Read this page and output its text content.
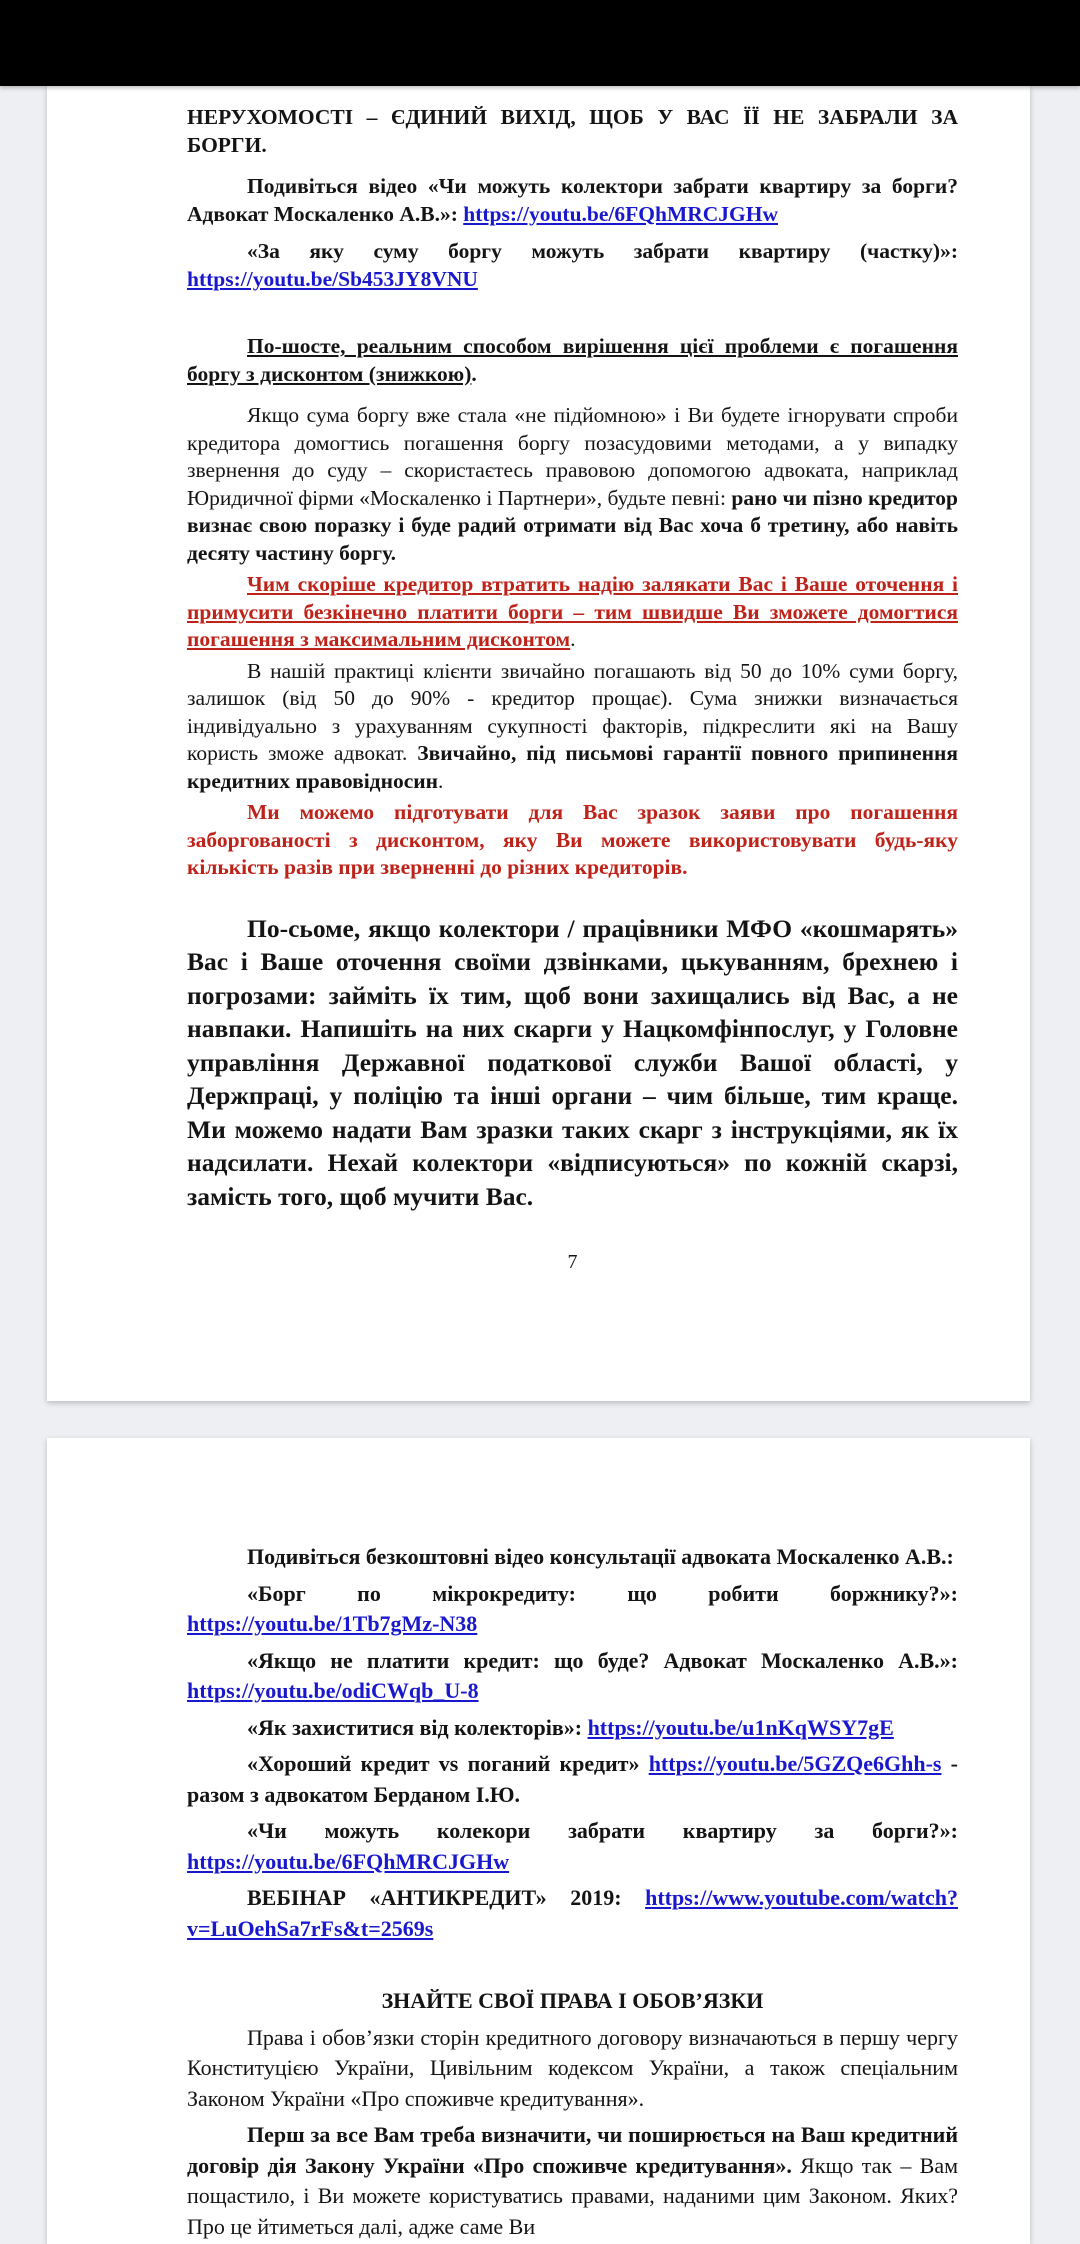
НЕРУХОМОСТІ – ЄДИНИЙ ВИХІД, ЩОБ У ВАС ЇЇ НЕ ЗАБРАЛИ ЗА БОРГИ.

Подивіться відео «Чи можуть колектори забрати квартиру за борги? Адвокат Москаленко А.В.»: https://youtu.be/6FQhMRCJGHw

«За яку суму боргу можуть забрати квартиру (частку)»: https://youtu.be/Sb453JY8VNU

По-шосте, реальним способом вирішення цієї проблеми є погашення боргу з дисконтом (знижкою).

Якщо сума боргу вже стала «не підйомною» і Ви будете ігнорувати спроби кредитора домогтись погашення боргу позасудовими методами, а у випадку звернення до суду – скористаєтесь правовою допомогою адвоката, наприклад Юридичної фірми «Москаленко і Партнери», будьте певні: рано чи пізно кредитор визнає свою поразку і буде радий отримати від Вас хоча б третину, або навіть десяту частину боргу.

Чим скоріше кредитор втратить надію залякати Вас і Ваше оточення і примусити безкінечно платити борги – тим швидше Ви зможете домогтися погашення з максимальним дисконтом.

В нашій практиці клієнти звичайно погашають від 50 до 10% суми боргу, залишок (від 50 до 90% - кредитор прощає). Сума знижки визначається індивідуально з урахуванням сукупності факторів, підкреслити які на Вашу користь зможе адвокат. Звичайно, під письмові гарантії повного припинення кредитних правовідносин.

Ми можемо підготувати для Вас зразок заяви про погашення заборгованості з дисконтом, яку Ви можете використовувати будь-яку кількість разів при зверненні до різних кредиторів.

По-сьоме, якщо колектори / працівники МФО «кошмарять» Вас і Ваше оточення своїми дзвінками, цькуванням, брехнею і погрозами: займіть їх тим, щоб вони захищались від Вас, а не навпаки. Напишіть на них скарги у Нацкомфінпослуг, у Головне управління Державної податкової служби Вашої області, у Держпраці, у поліцію та інші органи – чим більше, тим краще. Ми можемо надати Вам зразки таких скарг з інструкціями, як їх надсилати. Нехай колектори «відписуються» по кожній скарзі, замість того, щоб мучити Вас.

7

Подивіться безкоштовні відео консультації адвоката Москаленко А.В.:

«Борг по мікрокредиту: що робити боржнику?»: https://youtu.be/1Tb7gMz-N38

«Якщо не платити кредит: що буде? Адвокат Москаленко А.В.»: https://youtu.be/odiCWqb_U-8

«Як захиститися від колекторів»: https://youtu.be/u1nKqWSY7gE

«Хороший кредит vs поганий кредит» https://youtu.be/5GZQe6Ghh-s - разом з адвокатом Берданом І.Ю.

«Чи можуть колекори забрати квартиру за борги?»: https://youtu.be/6FQhMRCJGHw

ВЕБІНАР «АНТИКРЕДИТ» 2019: https://www.youtube.com/watch?v=LuOehSa7rFs&t=2569s

ЗНАЙТЕ СВОЇ ПРАВА І ОБОВ’ЯЗКИ

Права і обов’язки сторін кредитного договору визначаються в першу чергу Конституцією України, Цивільним кодексом України, а також спеціальним Законом України «Про споживче кредитування».

Перш за все Вам треба визначити, чи поширюється на Ваш кредитний договір дія Закону України «Про споживче кредитування». Якщо так – Вам пощастило, і Ви можете користуватись правами, наданими цим Законом. Яких? Про це йтиметься далі, адже саме Ви
